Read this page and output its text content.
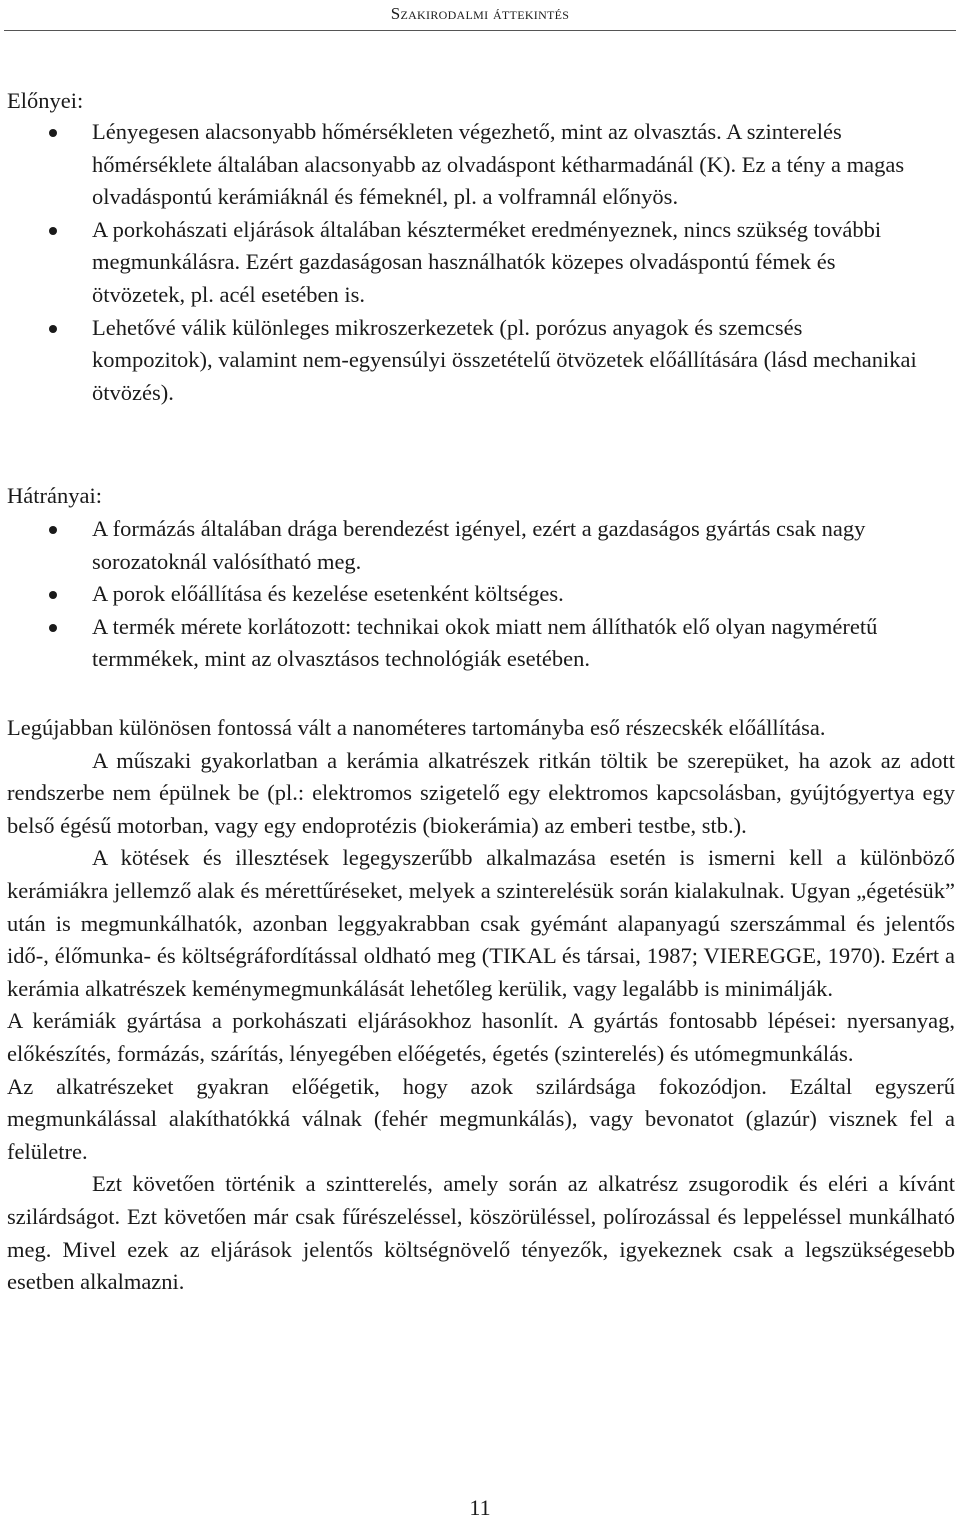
Szakirodalmi áttekintés
Előnyei:
Lényegesen alacsonyabb hőmérsékleten végezhető, mint az olvasztás. A szinterelés hőmérséklete általában alacsonyabb az olvadáspont kétharmadánál (K). Ez a tény a magas olvadáspontú kerámiáknál és fémeknél, pl. a volframnál előnyös.
A porkohászati eljárások általában készterméket eredményeznek, nincs szükség további megmunkálásra. Ezért gazdaságosan használhatók közepes olvadáspontú fémek és ötvözetek, pl. acél esetében is.
Lehetővé válik különleges mikroszerkezetek (pl. porózus anyagok és szemcsés kompozitok), valamint nem-egyensúlyi összetételű ötvözetek előállítására (lásd mechanikai ötvözés).
Hátrányai:
A formázás általában drága berendezést igényel, ezért a gazdaságos gyártás csak nagy sorozatoknál valósítható meg.
A porok előállítása és kezelése esetenként költséges.
A termék mérete korlátozott: technikai okok miatt nem állíthatók elő olyan nagyméretű termmékek, mint az olvasztásos technológiák esetében.

Legújabban különösen fontossá vált a nanométeres tartományba eső részecskék előállítása.

A műszaki gyakorlatban a kerámia alkatrészek ritkán töltik be szerepüket, ha azok az adott rendszerbe nem épülnek be (pl.: elektromos szigetelő egy elektromos kapcsolásban, gyújtógyertya egy belső égésű motorban, vagy egy endoprotézis (biokerámia) az emberi testbe, stb.).

A kötések és illesztések legegyszerűbb alkalmazása esetén is ismerni kell a különböző kerámiákra jellemző alak és mérettűréseket, melyek a szinterelésük során kialakulnak. Ugyan „égetésük” után is megmunkálhatók, azonban leggyakrabban csak gyémánt alapanyagú szerszámmal és jelentős idő-, élőmunka- és költségráfordítással oldható meg (TIKAL és társai, 1987; VIEREGGE, 1970). Ezért a kerámia alkatrészek keménymegmunkálását lehetőleg kerülik, vagy legalább is minimálják.

A kerámiák gyártása a porkohászati eljárásokhoz hasonlít. A gyártás fontosabb lépései: nyersanyag, előkészítés, formázás, szárítás, lényegében előégetés, égetés (szinterelés) és utómegmunkálás.

Az alkatrészeket gyakran előégetik, hogy azok szilárdsága fokozódjon. Ezáltal egyszerű megmunkálással alakíthatókká válnak (fehér megmunkálás), vagy bevonatot (glazúr) visznek fel a felületre.

Ezt követően történik a szintterelés, amely során az alkatrész zsugorodik és eléri a kívánt szilárdságot. Ezt követően már csak fűrészeléssel, köszörüléssel, polírozással és leppeléssel munkálható meg. Mivel ezek az eljárások jelentős költségnövelő tényezők, igyekeznek csak a legszükségesebb esetben alkalmazni.

11
